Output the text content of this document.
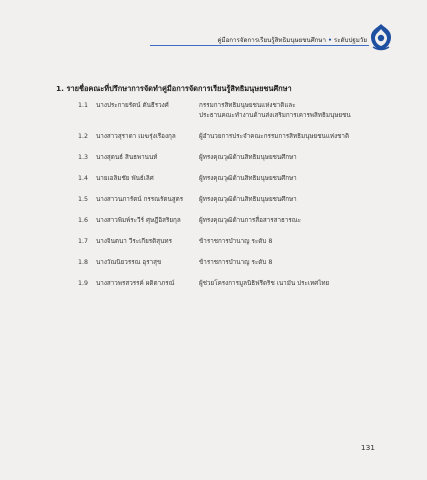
คู่มือการจัดการเรียนรู้สิทธิมนุษยชนศึกษา • ระดับปฐมวัย
1. รายชื่อคณะที่ปรึกษาการจัดทำคู่มือการจัดการเรียนรู้สิทธิมนุษยชนศึกษา
1.1	นางประกายรัตน์ ตันธีรวงศ์	กรรมการสิทธิมนุษยชนแห่งชาติและ
ประธานคณะทำงานด้านส่งเสริมการเคารพสิทธิมนุษยชน
1.2	นางสาวสุราดา เมฆรุ่งเรืองกุล	ผู้อำนวยการประจำคณะกรรมการสิทธิมนุษยชนแห่งชาติ
1.3	นางสุดนธ์ สินธพานนท์	ผู้ทรงคุณวุฒิด้านสิทธิมนุษยชนศึกษา
1.4	นายเอลิมชัย พันธ์เลิศ	ผู้ทรงคุณวุฒิด้านสิทธิมนุษยชนศึกษา
1.5	นางสาวนภารัตน์ กรรณรัตนสูตร	ผู้ทรงคุณวุฒิด้านสิทธิมนุษยชนศึกษา
1.6	นางสาวพิมพ์ระวีร์ ศุษฎีอิสริยกุล	ผู้ทรงคุณวุฒิด้านการสื่อสารสาธารณะ
1.7	นางจินตนา วีระเกียรติสุนทร	ข้าราชการบำนาญ ระดับ 8
1.8	นางวัณนิยวรรณ อุราสุข	ข้าราชการบำนาญ ระดับ 8
1.9	นางสาวพรสวรรค์ ผดิตาภรณ์	ผู้ช่วยโครงการมูลนิธิฟรีดริช เนามัน ประเทศไทย
131
